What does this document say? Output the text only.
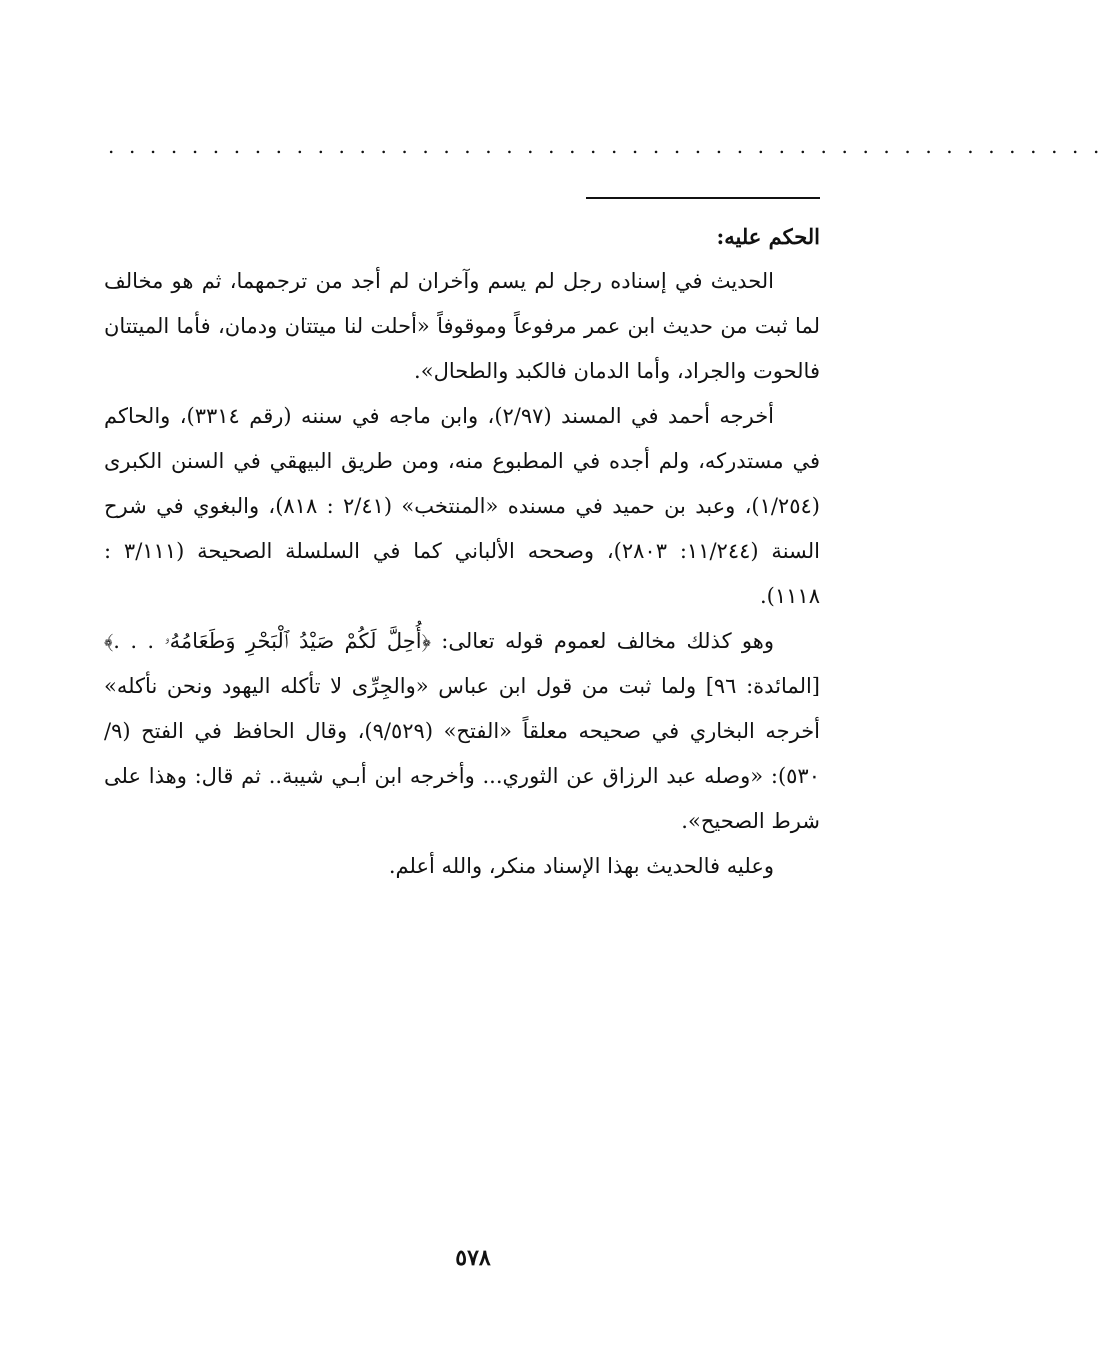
................................................

الحكم عليه:

الحديث في إسناده رجل لم يسم وآخران لم أجد من ترجمهما، ثم هو مخالف لما ثبت من حديث ابن عمر مرفوعاً وموقوفاً «أحلت لنا ميتتان ودمان، فأما الميتتان فالحوت والجراد، وأما الدمان فالكبد والطحال».

أخرجه أحمد في المسند (٢/٩٧)، وابن ماجه في سننه (رقم ٣٣١٤)، والحاكم في مستدركه، ولم أجده في المطبوع منه، ومن طريق البيهقي في السنن الكبرى (١/٢٥٤)، وعبد بن حميد في مسنده «المنتخب» (٢/٤١ : ٨١٨)، والبغوي في شرح السنة (١١/٢٤٤: ٢٨٠٣)، وصححه الألباني كما في السلسلة الصحيحة (٣/١١١ : ١١١٨).

وهو كذلك مخالف لعموم قوله تعالى: ﴿أُحِلَّ لَكُمْ صَيْدُ ٱلْبَحْرِ وَطَعَامُهُۥ . . .﴾ [المائدة: ٩٦] ولما ثبت من قول ابن عباس «والجِرِّى لا تأكله اليهود ونحن نأكله» أخرجه البخاري في صحيحه معلقاً «الفتح» (٩/٥٢٩)، وقال الحافظ في الفتح (٩/ ٥٣٠): «وصله عبد الرزاق عن الثوري... وأخرجه ابن أبـي شيبة.. ثم قال: وهذا على شرط الصحيح».

وعليه فالحديث بهذا الإسناد منكر، والله أعلم.

٥٧٨
